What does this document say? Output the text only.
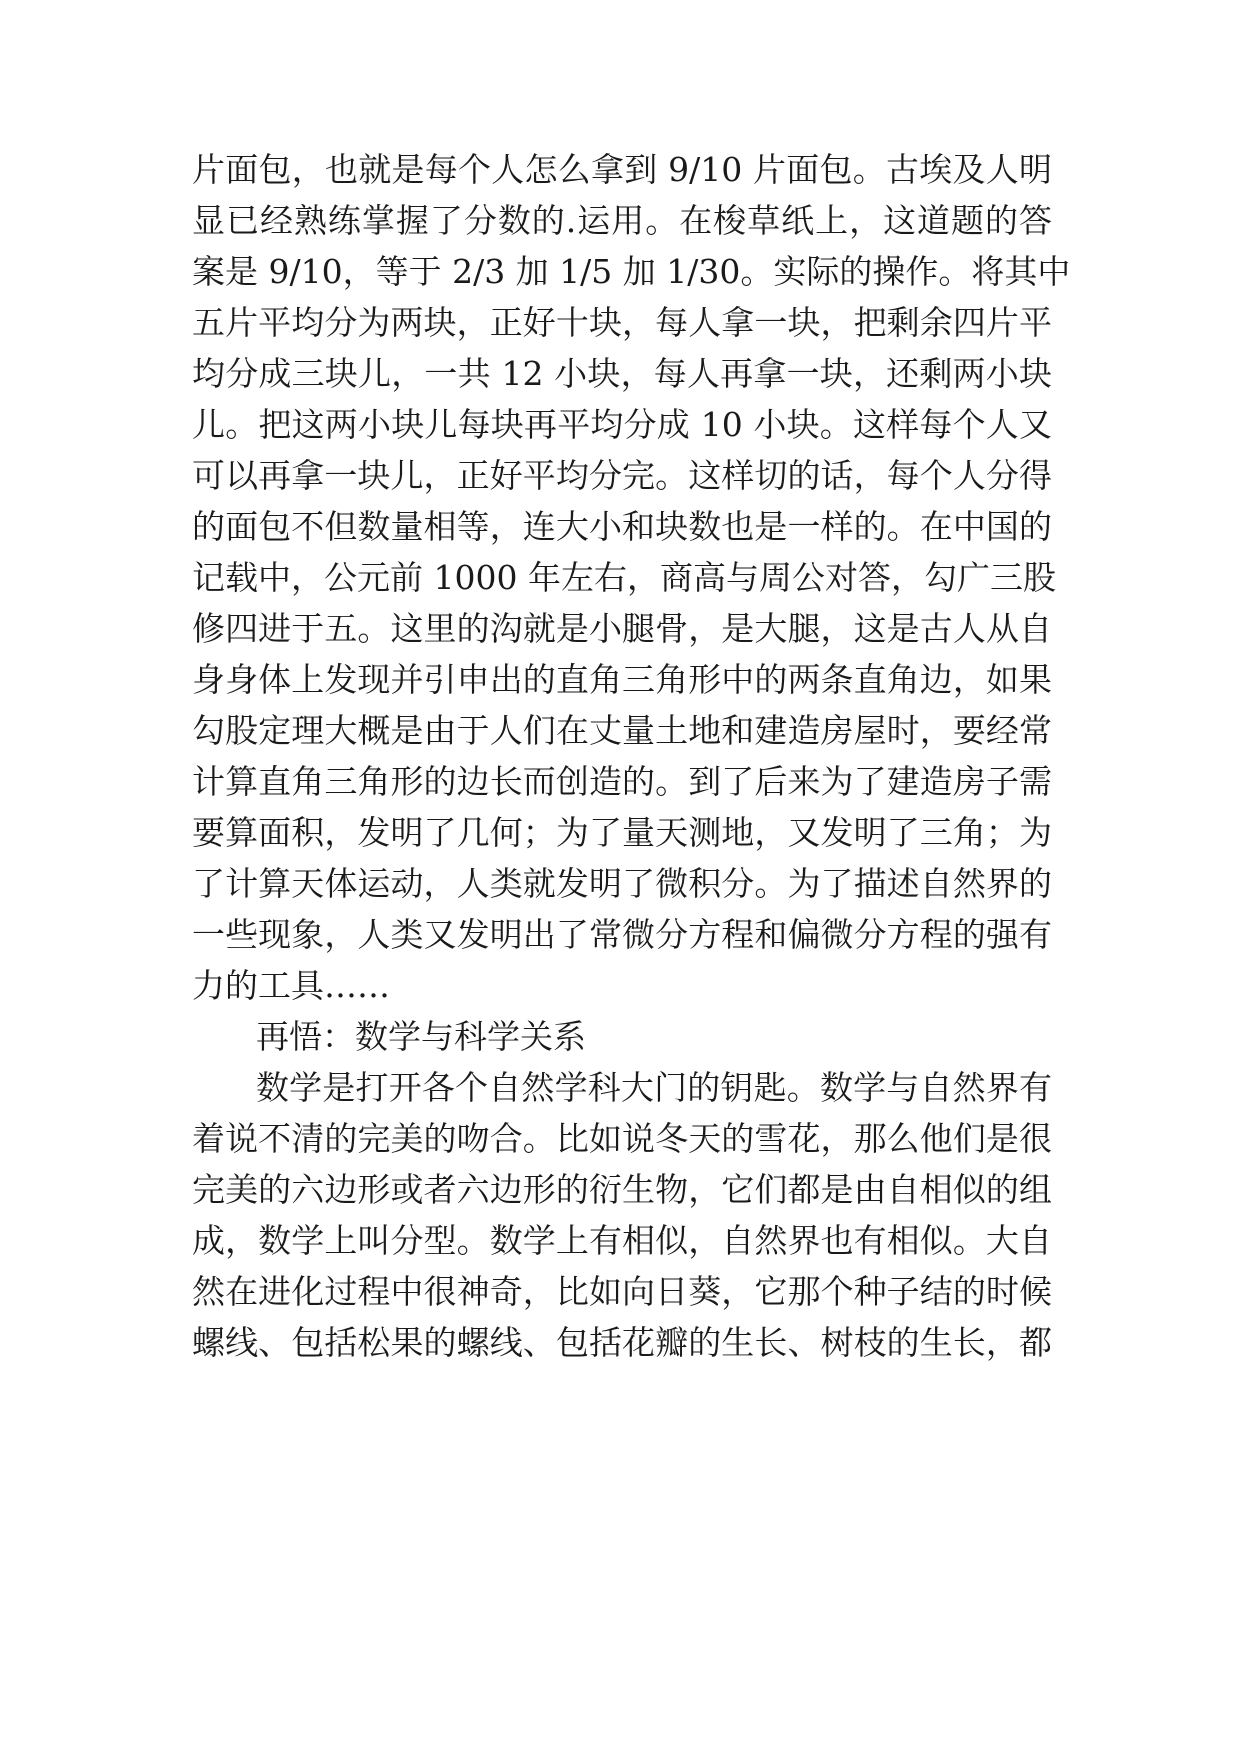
片面包，也就是每个人怎么拿到 9/10 片面包。古埃及人明
显已经熟练掌握了分数的.运用。在梭草纸上，这道题的答
案是 9/10，等于 2/3 加 1/5 加 1/30。实际的操作。将其中
五片平均分为两块，正好十块，每人拿一块，把剩余四片平
均分成三块儿，一共 12 小块，每人再拿一块，还剩两小块
儿。把这两小块儿每块再平均分成 10 小块。这样每个人又
可以再拿一块儿，正好平均分完。这样切的话，每个人分得
的面包不但数量相等，连大小和块数也是一样的。在中国的
记载中，公元前 1000 年左右，商高与周公对答，勾广三股
修四进于五。这里的沟就是小腿骨，是大腿，这是古人从自
身身体上发现并引申出的直角三角形中的两条直角边，如果
勾股定理大概是由于人们在丈量土地和建造房屋时，要经常
计算直角三角形的边长而创造的。到了后来为了建造房子需
要算面积，发明了几何；为了量天测地，又发明了三角；为
了计算天体运动，人类就发明了微积分。为了描述自然界的
一些现象，人类又发明出了常微分方程和偏微分方程的强有
力的工具……
再悟：数学与科学关系
数学是打开各个自然学科大门的钥匙。数学与自然界有
着说不清的完美的吻合。比如说冬天的雪花，那么他们是很
完美的六边形或者六边形的衍生物，它们都是由自相似的组
成，数学上叫分型。数学上有相似，自然界也有相似。大自
然在进化过程中很神奇，比如向日葵，它那个种子结的时候
螺线、包括松果的螺线、包括花瓣的生长、树枝的生长，都
